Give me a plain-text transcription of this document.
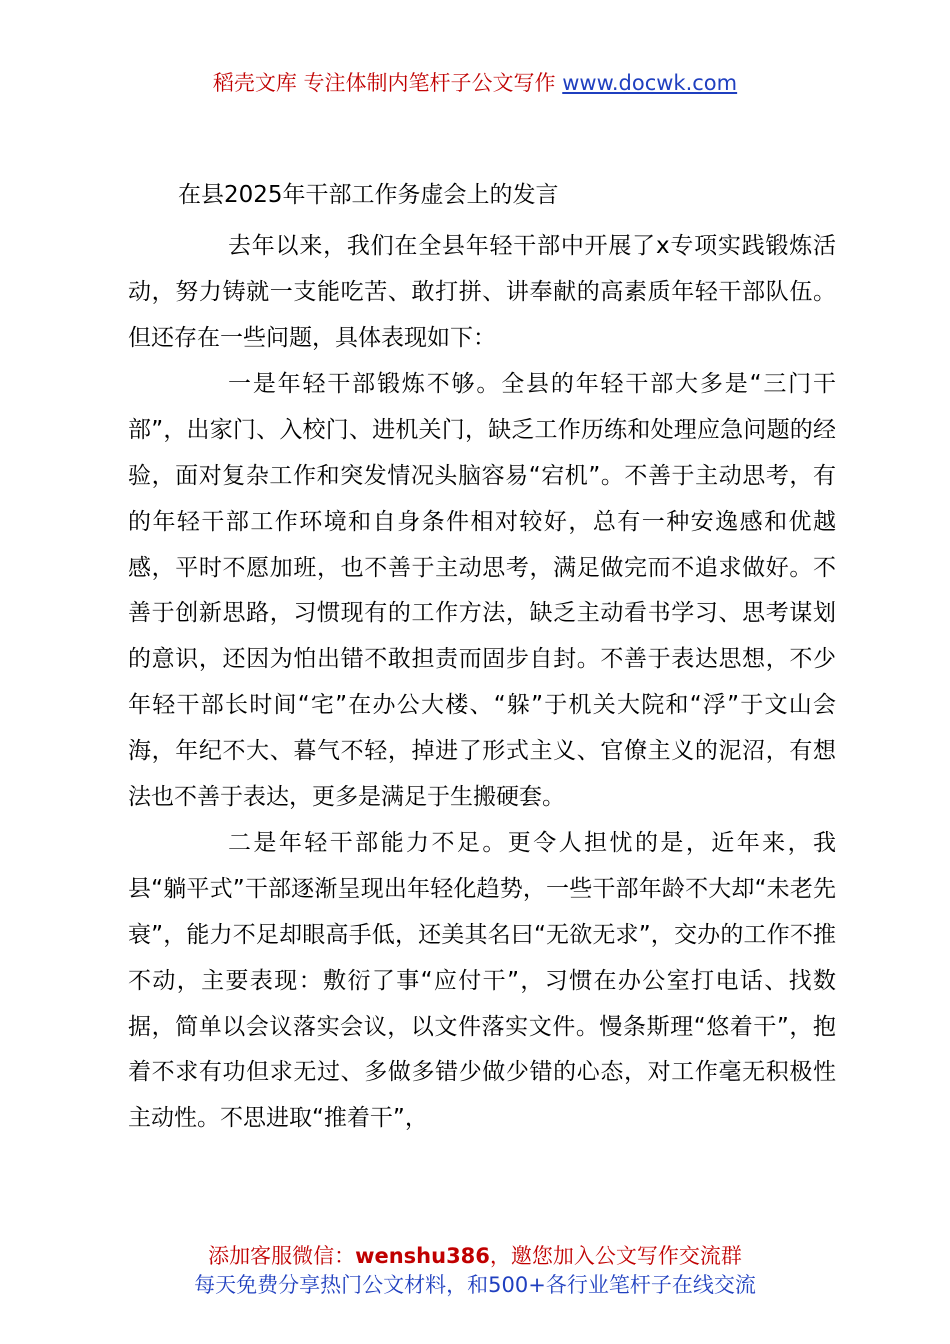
稻壳文库 专注体制内笔杆子公文写作 www.docwk.com
在县2025年干部工作务虚会上的发言

去年以来，我们在全县年轻干部中开展了x专项实践锻炼活动，努力铸就一支能吃苦、敢打拼、讲奉献的高素质年轻干部队伍。但还存在一些问题，具体表现如下：

一是年轻干部锻炼不够。全县的年轻干部大多是“三门干部”，出家门、入校门、进机关门，缺乏工作历练和处理应急问题的经验，面对复杂工作和突发情况头脑容易“宕机”。不善于主动思考，有的年轻干部工作环境和自身条件相对较好，总有一种安逸感和优越感，平时不愿加班，也不善于主动思考，满足做完而不追求做好。不善于创新思路，习惯现有的工作方法，缺乏主动看书学习、思考谋划的意识，还因为怕出错不敢担责而固步自封。不善于表达思想，不少年轻干部长时间“宅”在办公大楼、“躲”于机关大院和“浮”于文山会海，年纪不大、暮气不轻，掉进了形式主义、官僚主义的泥沼，有想法也不善于表达，更多是满足于生搬硬套。

二是年轻干部能力不足。更令人担忧的是，近年来，我县“躺平式”干部逐渐呈现出年轻化趋势，一些干部年龄不大却“未老先衰”，能力不足却眼高手低，还美其名曰“无欲无求”，交办的工作不推不动，主要表现：敷衍了事“应付干”，习惯在办公室打电话、找数据，简单以会议落实会议，以文件落实文件。慢条斯理“悠着干”，抱着不求有功但求无过、多做多错少做少错的心态，对工作毫无积极性主动性。不思进取“推着干”，

添加客服微信：wenshu386，邀您加入公文写作交流群
每天免费分享热门公文材料，和500+各行业笔杆子在线交流
